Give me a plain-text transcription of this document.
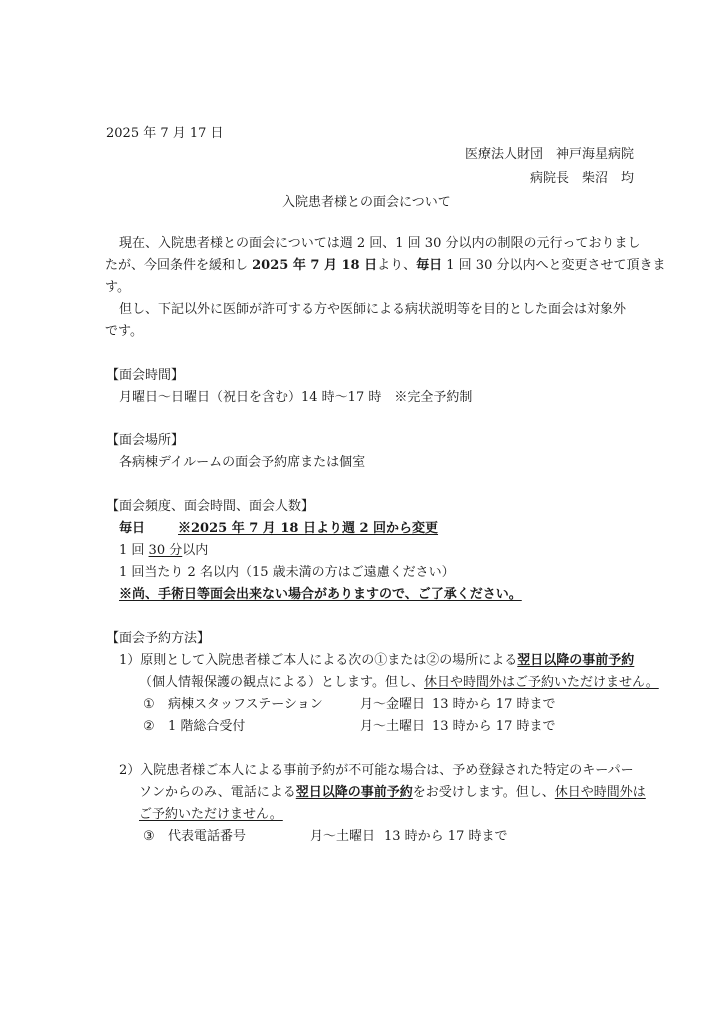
2025 年 7 月 17 日
医療法人財団　神戸海星病院
病院長　柴沼　均
入院患者様との面会について
現在、入院患者様との面会については週 2 回、1 回 30 分以内の制限の元行っておりまし
たが、今回条件を緩和し 2025 年 7 月 18 日より、毎日 1 回 30 分以内へと変更させて頂きま
す。
但し、下記以外に医師が許可する方や医師による病状説明等を目的とした面会は対象外
です。
【面会時間】
月曜日～日曜日（祝日を含む）14 時～17 時　※完全予約制
【面会場所】
各病棟デイルームの面会予約席または個室
【面会頻度、面会時間、面会人数】
毎日	※2025 年 7 月 18 日より週 2 回から変更
1 回 30 分以内
1 回当たり 2 名以内（15 歳未満の方はご遠慮ください）
※尚、手術日等面会出来ない場合がありますので、ご了承ください。
【面会予約方法】
1）原則として入院患者様ご本人による次の①または②の場所による翌日以降の事前予約
（個人情報保護の観点による）とします。但し、休日や時間外はご予約いただけません。
① 病棟スタッフステーション	月～金曜日 13 時から 17 時まで
② 1 階総合受付	月～土曜日 13 時から 17 時まで
2）入院患者様ご本人による事前予約が不可能な場合は、予め登録された特定のキーパー
ソンからのみ、電話による翌日以降の事前予約をお受けします。但し、休日や時間外は
ご予約いただけません。
③ 代表電話番号	月～土曜日 13 時から 17 時まで
